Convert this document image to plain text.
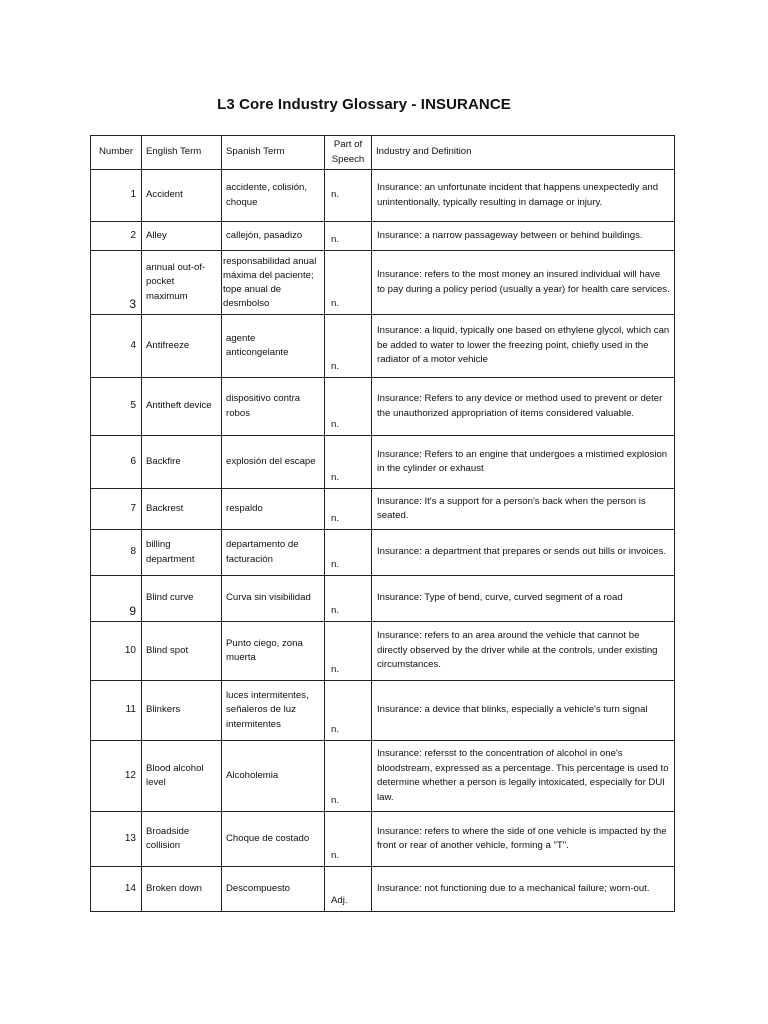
L3 Core Industry Glossary - INSURANCE
Number	English Term	Spanish Term	Part of Speech	Industry and Definition
1	Accident	accidente, colisión, choque	n.	Insurance: an unfortunate incident that happens unexpectedly and unintentionally, typically resulting in damage or injury.
2	Alley	callejón, pasadizo	n.	Insurance: a narrow passageway between or behind buildings.
3	annual out-of-pocket maximum	responsabilidad anual máxima del paciente; tope anual de desmbolso	n.	Insurance: refers to the most money an insured individual will have to pay during a policy period (usually a year) for health care services.
4	Antifreeze	agente anticongelante	n.	Insurance: a liquid, typically one based on ethylene glycol, which can be added to water to lower the freezing point, chiefly used in the radiator of a motor vehicle
5	Antitheft device	dispositivo contra robos	n.	Insurance: Refers to any device or method used to prevent or deter the unauthorized appropriation of items considered valuable.
6	Backfire	explosión del escape	n.	Insurance: Refers to an engine that undergoes a mistimed explosion in the cylinder or exhaust
7	Backrest	respaldo	n.	Insurance: It's a support for a person's back when the person is seated.
8	billing department	departamento de facturación	n.	Insurance: a department that prepares or sends out bills or invoices.
9	Blind curve	Curva sin visibilidad	n.	Insurance: Type of bend, curve, curved segment of a road
10	Blind spot	Punto ciego, zona muerta	n.	Insurance: refers to an area around the vehicle that cannot be directly observed by the driver while at the controls, under existing circumstances.
11	Blinkers	luces intermitentes, señaleros de luz intermitentes	n.	Insurance: a device that blinks, especially a vehicle's turn signal
12	Blood alcohol level	Alcoholemia	n.	Insurance: refersst to the concentration of alcohol in one's bloodstream, expressed as a percentage. This percentage is used to determine whether a person is legally intoxicated, especially for DUI law.
13	Broadside collision	Choque de costado	n.	Insurance: refers to where the side of one vehicle is impacted by the front or rear of another vehicle, forming a "T".
14	Broken down	Descompuesto	Adj.	Insurance: not functioning due to a mechanical failure; worn-out.
